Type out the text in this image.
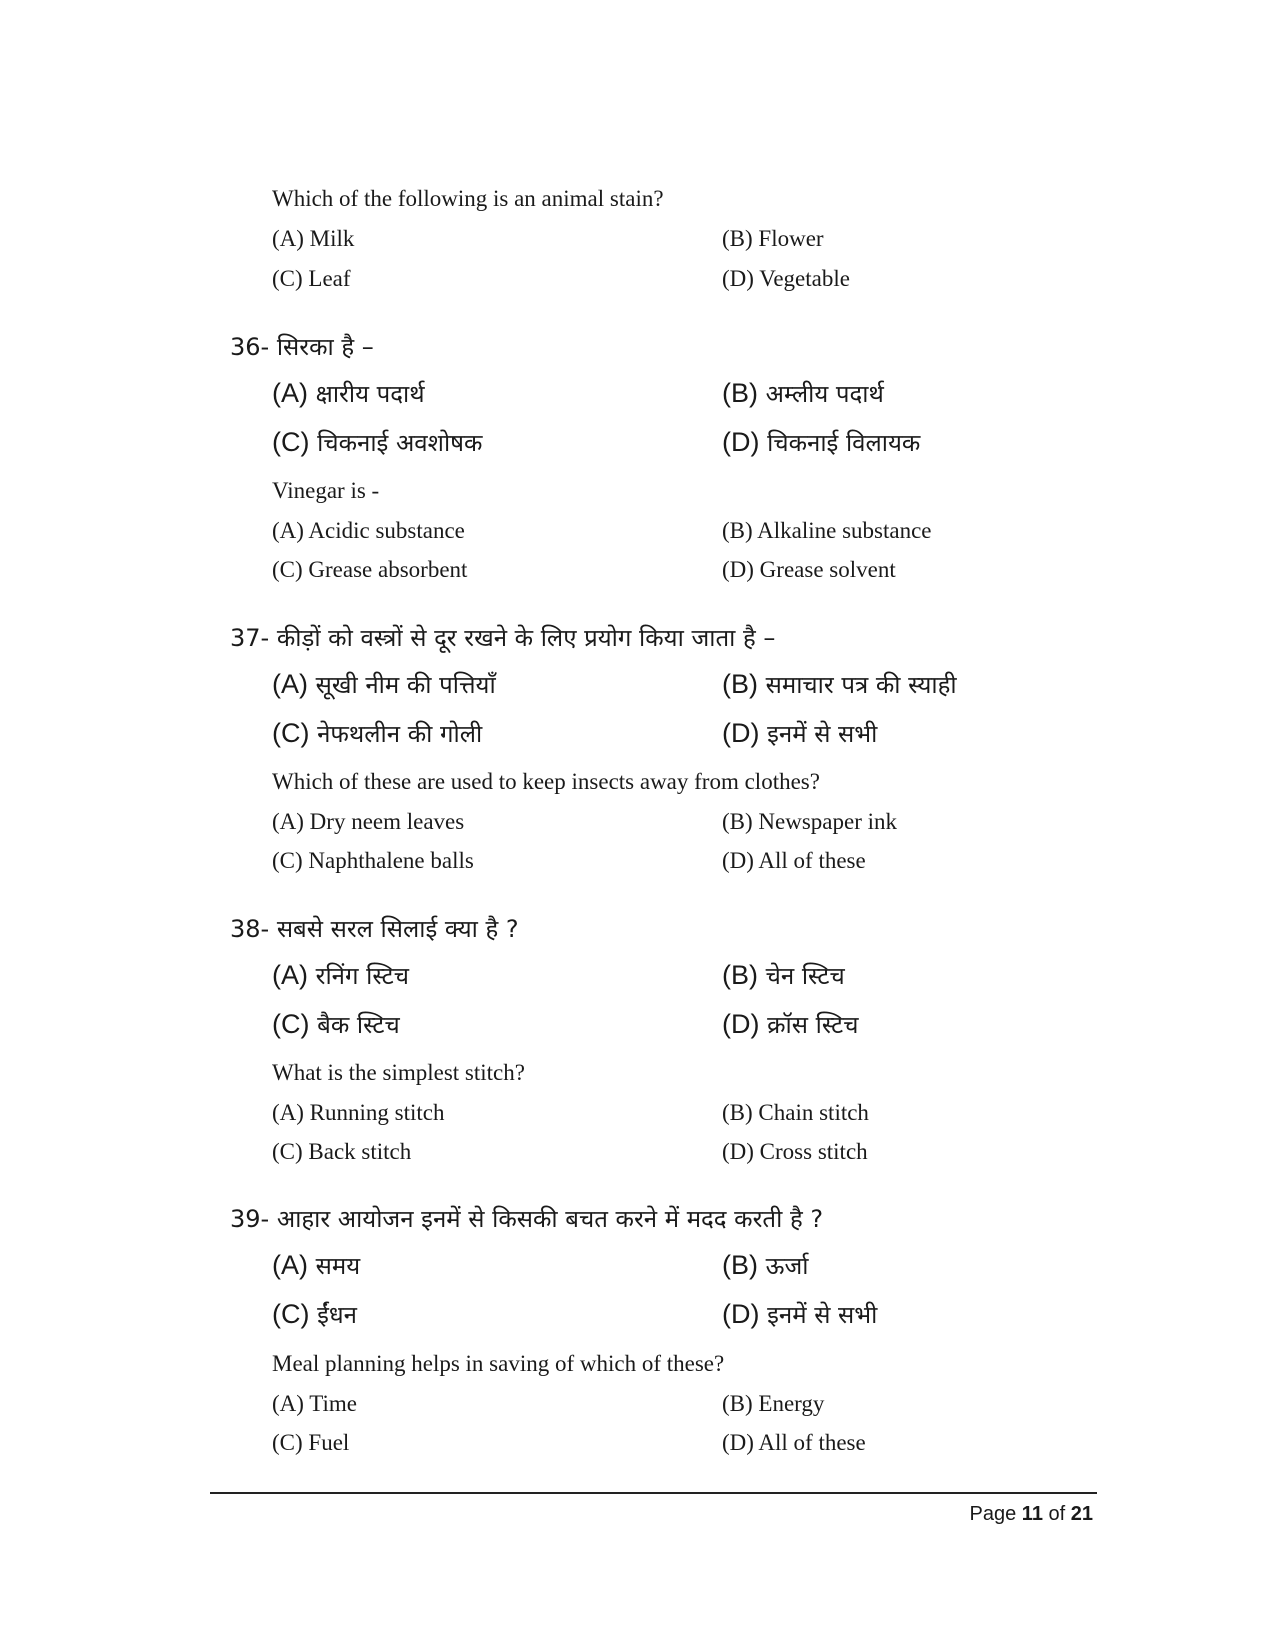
Which of the following is an animal stain?
(A) Milk	(B) Flower
(C) Leaf	(D) Vegetable
36- सिरका है –
(A) क्षारीय पदार्थ	(B) अम्लीय पदार्थ
(C) चिकनाई अवशोषक	(D) चिकनाई विलायक
Vinegar is -
(A) Acidic substance	(B) Alkaline substance
(C) Grease absorbent	(D) Grease solvent
37- कीड़ों को वस्त्रों से दूर रखने के लिए प्रयोग किया जाता है –
(A) सूखी नीम की पत्तियाँ	(B) समाचार पत्र की स्याही
(C) नेफथलीन की गोली	(D) इनमें से सभी
Which of these are used to keep insects away from clothes?
(A) Dry neem leaves	(B) Newspaper ink
(C) Naphthalene balls	(D) All of these
38- सबसे सरल सिलाई क्या है ?
(A) रनिंग स्टिच	(B) चेन स्टिच
(C) बैक स्टिच	(D) क्रॉस स्टिच
What is the simplest stitch?
(A) Running stitch	(B) Chain stitch
(C) Back stitch	(D) Cross stitch
39- आहार आयोजन इनमें से किसकी बचत करने में मदद करती है ?
(A) समय	(B) ऊर्जा
(C) ईंधन	(D) इनमें से सभी
Meal planning helps in saving of which of these?
(A) Time	(B) Energy
(C) Fuel	(D) All of these
Page 11 of 21
